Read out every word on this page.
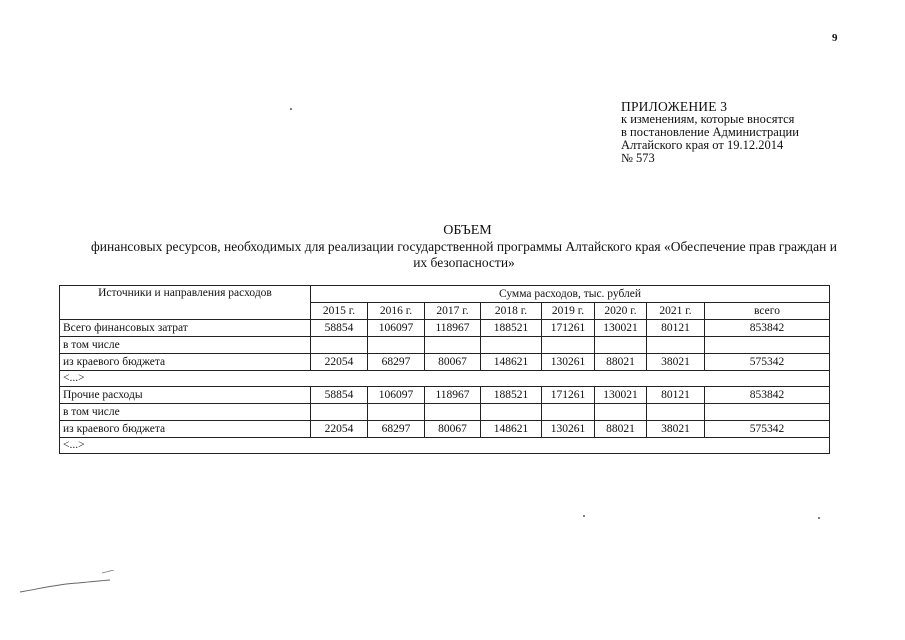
9
ПРИЛОЖЕНИЕ 3
к изменениям, которые вносятся
в постановление Администрации
Алтайского края от 19.12.2014
№ 573
ОБЪЕМ
финансовых ресурсов, необходимых для реализации государственной программы Алтайского края «Обеспечение прав граждан и их безопасности»
Источники и направления расходов	Сумма расходов, тыс. рублей							
	2015 г.	2016 г.	2017 г.	2018 г.	2019 г.	2020 г.	2021 г.	всего
Всего финансовых затрат	58854	106097	118967	188521	171261	130021	80121	853842
в том числе								
из краевого бюджета	22054	68297	80067	148621	130261	88021	38021	575342
<...>								
Прочие расходы	58854	106097	118967	188521	171261	130021	80121	853842
в том числе								
из краевого бюджета	22054	68297	80067	148621	130261	88021	38021	575342
<...>								
